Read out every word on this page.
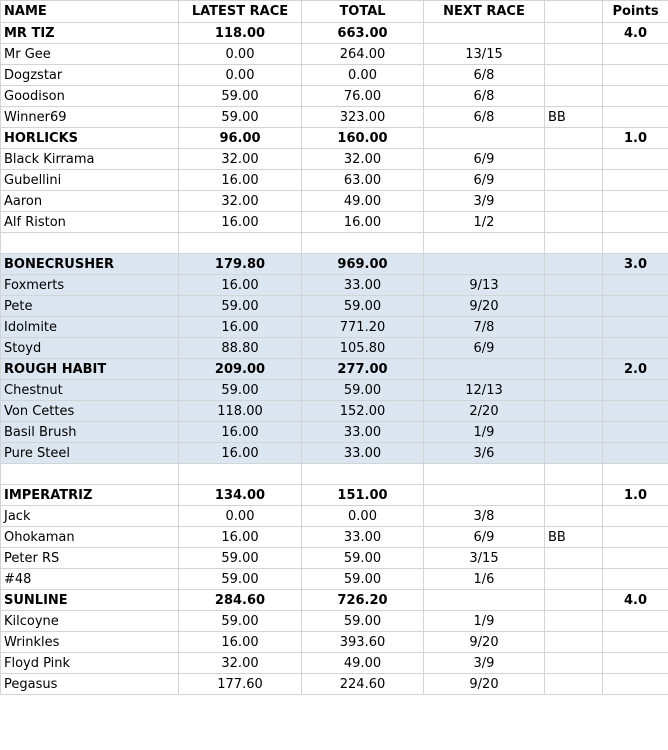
NAME	LATEST RACE	TOTAL	NEXT RACE		Points
MR TIZ	118.00	663.00			4.0
Mr Gee	0.00	264.00	13/15		
Dogzstar	0.00	0.00	6/8		
Goodison	59.00	76.00	6/8		
Winner69	59.00	323.00	6/8	BB	
HORLICKS	96.00	160.00			1.0
Black Kirrama	32.00	32.00	6/9		
Gubellini	16.00	63.00	6/9		
Aaron	32.00	49.00	3/9		
Alf Riston	16.00	16.00	1/2		

BONECRUSHER	179.80	969.00			3.0
Foxmerts	16.00	33.00	9/13		
Pete	59.00	59.00	9/20		
Idolmite	16.00	771.20	7/8		
Stoyd	88.80	105.80	6/9		
ROUGH HABIT	209.00	277.00			2.0
Chestnut	59.00	59.00	12/13		
Von Cettes	118.00	152.00	2/20		
Basil Brush	16.00	33.00	1/9		
Pure Steel	16.00	33.00	3/6		

IMPERATRIZ	134.00	151.00			1.0
Jack	0.00	0.00	3/8		
Ohokaman	16.00	33.00	6/9	BB	
Peter RS	59.00	59.00	3/15		
#48	59.00	59.00	1/6		
SUNLINE	284.60	726.20			4.0
Kilcoyne	59.00	59.00	1/9		
Wrinkles	16.00	393.60	9/20		
Floyd Pink	32.00	49.00	3/9		
Pegasus	177.60	224.60	9/20		
